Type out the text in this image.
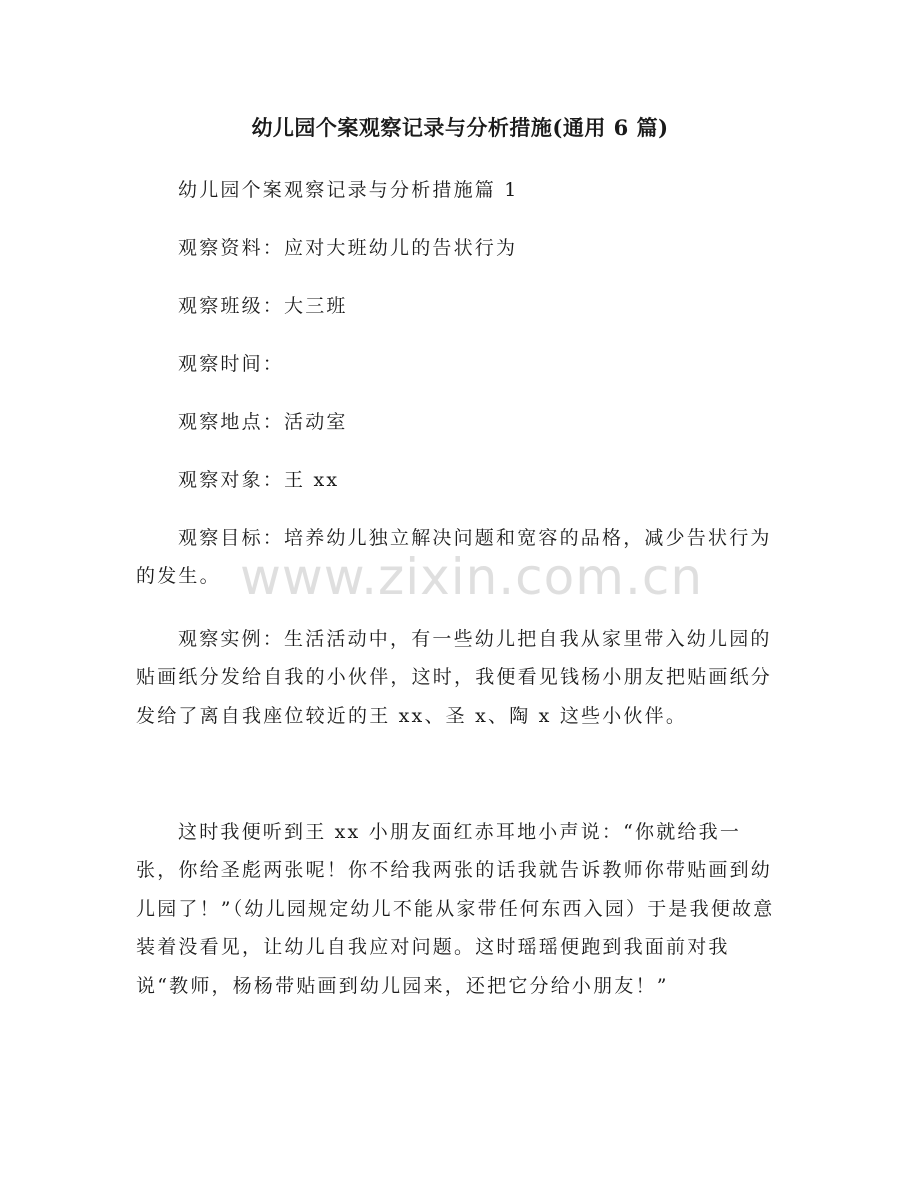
幼儿园个案观察记录与分析措施(通用 6 篇)

幼儿园个案观察记录与分析措施篇 1

观察资料：应对大班幼儿的告状行为

观察班级：大三班

观察时间：

观察地点：活动室

观察对象：王 xx

观察目标：培养幼儿独立解决问题和宽容的品格，减少告状行为的发生。

观察实例：生活活动中，有一些幼儿把自我从家里带入幼儿园的贴画纸分发给自我的小伙伴，这时，我便看见钱杨小朋友把贴画纸分发给了离自我座位较近的王 xx、圣 x、陶 x 这些小伙伴。

这时我便听到王 xx 小朋友面红赤耳地小声说：“你就给我一张，你给圣彪两张呢！你不给我两张的话我就告诉教师你带贴画到幼儿园了！”（幼儿园规定幼儿不能从家带任何东西入园）于是我便故意装着没看见，让幼儿自我应对问题。这时瑶瑶便跑到我面前对我说“教师，杨杨带贴画到幼儿园来，还把它分给小朋友！”

www.zixin.com.cn
